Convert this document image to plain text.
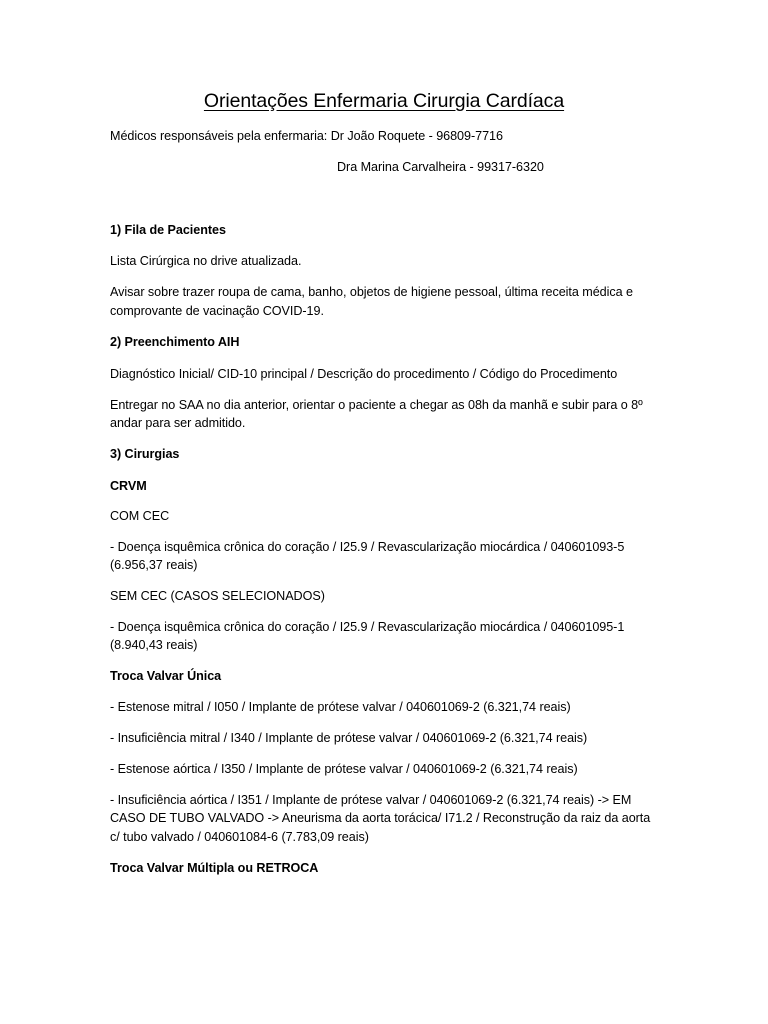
Orientações Enfermaria Cirurgia Cardíaca
Médicos responsáveis pela enfermaria: Dr João Roquete - 96809-7716
Dra Marina Carvalheira - 99317-6320
1) Fila de Pacientes
Lista Cirúrgica no drive atualizada.
Avisar sobre trazer roupa de cama, banho, objetos de higiene pessoal, última receita médica e
comprovante de vacinação COVID-19.
2) Preenchimento AIH
Diagnóstico Inicial/ CID-10 principal / Descrição do procedimento / Código do Procedimento
Entregar no SAA no dia anterior, orientar o paciente a chegar as 08h da manhã e subir para o 8º
andar para ser admitido.
3) Cirurgias
CRVM
COM CEC
- Doença isquêmica crônica do coração / I25.9 / Revascularização miocárdica / 040601093-5
(6.956,37 reais)
SEM CEC (CASOS SELECIONADOS)
- Doença isquêmica crônica do coração / I25.9 / Revascularização miocárdica / 040601095-1
(8.940,43 reais)
Troca Valvar Única
- Estenose mitral / I050 / Implante de prótese valvar / 040601069-2 (6.321,74 reais)
- Insuficiência mitral / I340 / Implante de prótese valvar / 040601069-2 (6.321,74 reais)
- Estenose aórtica / I350 / Implante de prótese valvar / 040601069-2 (6.321,74 reais)
- Insuficiência aórtica / I351 / Implante de prótese valvar / 040601069-2 (6.321,74 reais) -> EM
CASO DE TUBO VALVADO -> Aneurisma da aorta torácica/ I71.2 / Reconstrução da raiz da aorta
c/ tubo valvado / 040601084-6 (7.783,09 reais)
Troca Valvar Múltipla ou RETROCA
